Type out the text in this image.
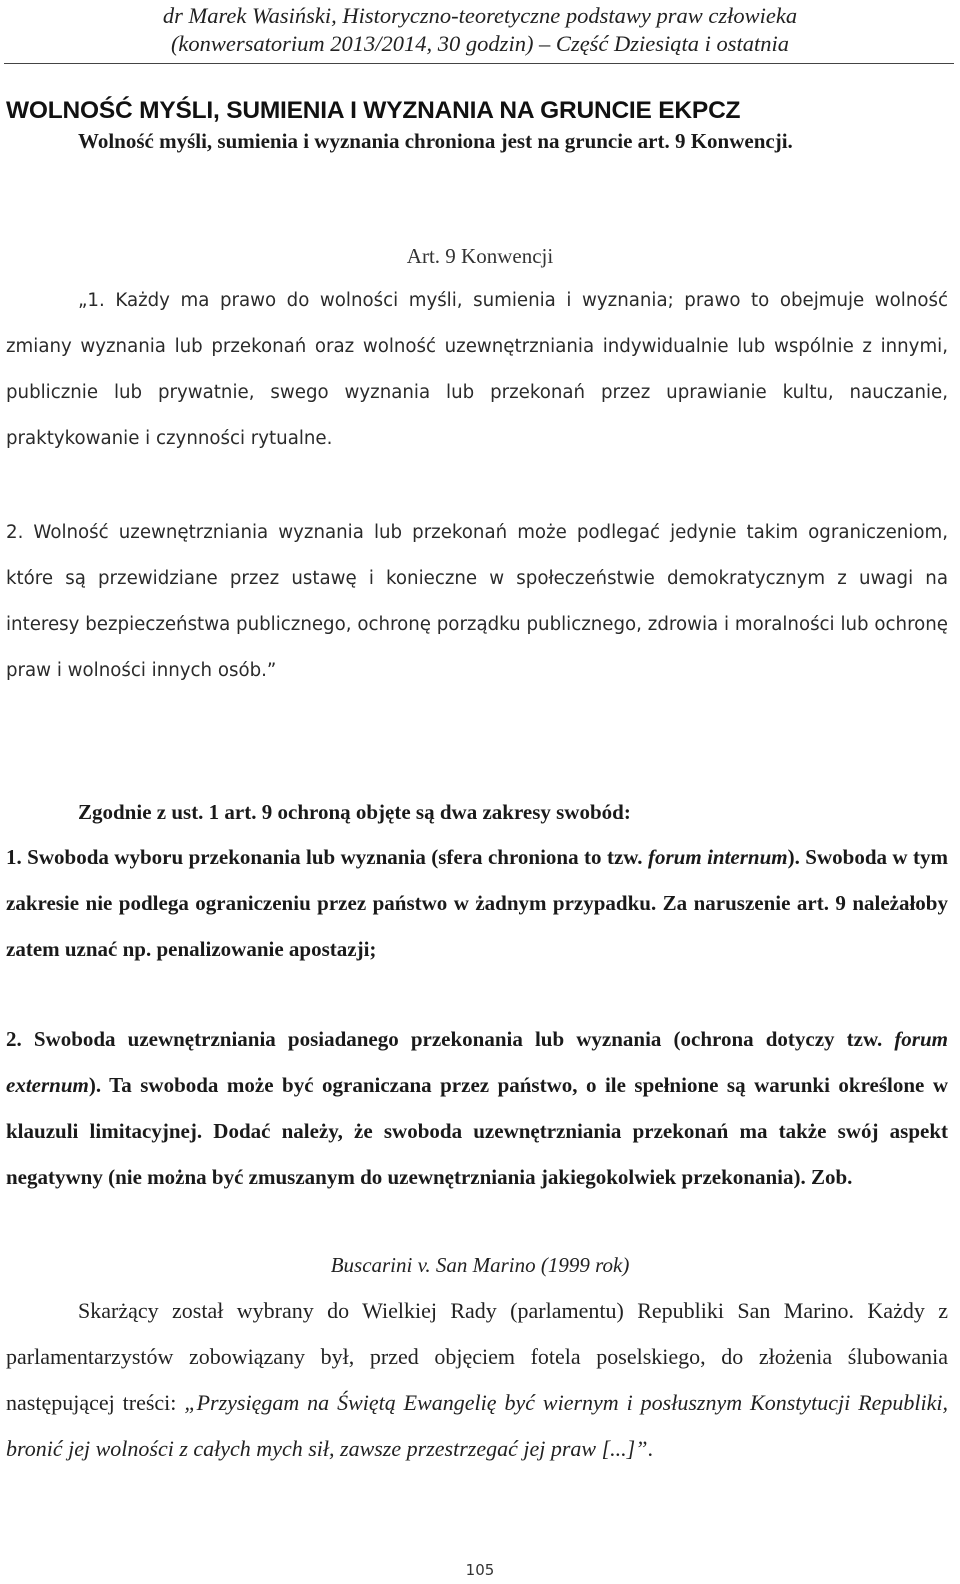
dr Marek Wasiński, Historyczno-teoretyczne podstawy praw człowieka
(konwersatorium 2013/2014, 30 godzin) – Część Dziesiąta i ostatnia
WOLNOŚĆ MYŚLI, SUMIENIA I WYZNANIA NA GRUNCIE EKPCZ

Wolność myśli, sumienia i wyznania chroniona jest na gruncie art. 9 Konwencji.

Art. 9 Konwencji

„1. Każdy ma prawo do wolności myśli, sumienia i wyznania; prawo to obejmuje wolność zmiany wyznania lub przekonań oraz wolność uzewnętrzniania indywidualnie lub wspólnie z innymi, publicznie lub prywatnie, swego wyznania lub przekonań przez uprawianie kultu, nauczanie, praktykowanie i czynności rytualne.

2. Wolność uzewnętrzniania wyznania lub przekonań może podlegać jedynie takim ograniczeniom, które są przewidziane przez ustawę i konieczne w społeczeństwie demokratycznym z uwagi na interesy bezpieczeństwa publicznego, ochronę porządku publicznego, zdrowia i moralności lub ochronę praw i wolności innych osób.”

Zgodnie z ust. 1 art. 9 ochroną objęte są dwa zakresy swobód:

1. Swoboda wyboru przekonania lub wyznania (sfera chroniona to tzw. forum internum). Swoboda w tym zakresie nie podlega ograniczeniu przez państwo w żadnym przypadku. Za naruszenie art. 9 należałoby zatem uznać np. penalizowanie apostazji;

2. Swoboda uzewnętrzniania posiadanego przekonania lub wyznania (ochrona dotyczy tzw. forum externum). Ta swoboda może być ograniczana przez państwo, o ile spełnione są warunki określone w klauzuli limitacyjnej. Dodać należy, że swoboda uzewnętrzniania przekonań ma także swój aspekt negatywny (nie można być zmuszanym do uzewnętrzniania jakiegokolwiek przekonania). Zob.

Buscarini v. San Marino (1999 rok)

Skarżący został wybrany do Wielkiej Rady (parlamentu) Republiki San Marino. Każdy z parlamentarzystów zobowiązany był, przed objęciem fotela poselskiego, do złożenia ślubowania następującej treści: „Przysięgam na Świętą Ewangelię być wiernym i posłusznym Konstytucji Republiki, bronić jej wolności z całych mych sił, zawsze przestrzegać jej praw [...]”.

105
